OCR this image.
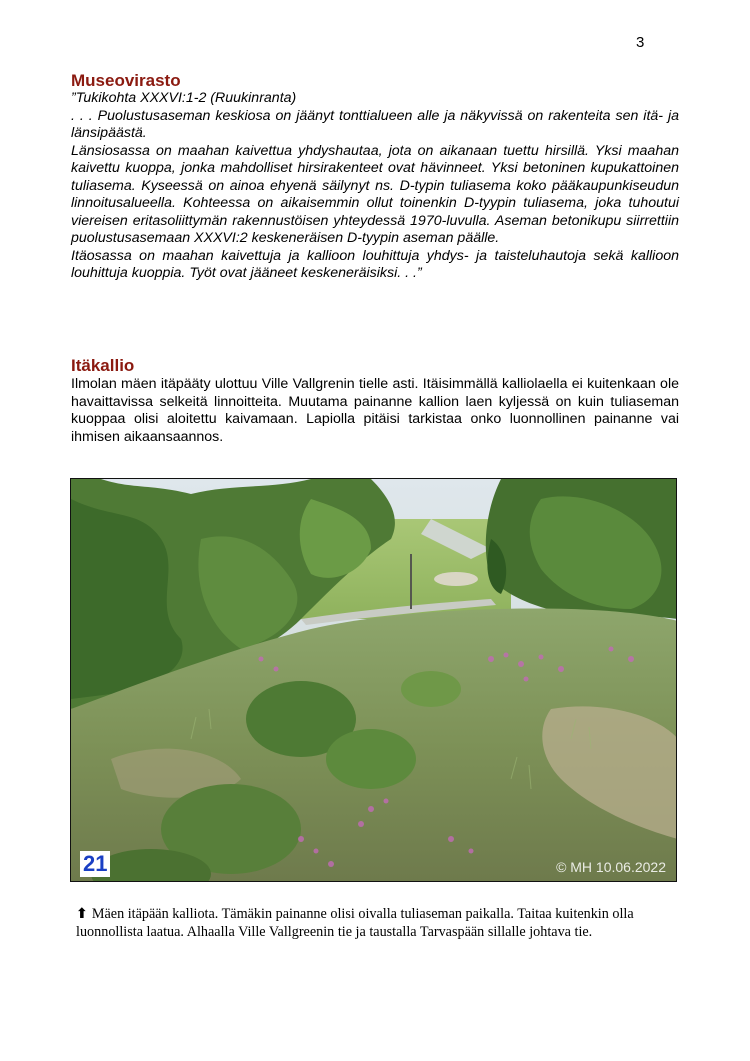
3
Museovirasto

”Tukikohta XXXVI:1-2 (Ruukinranta)

. . . Puolustusaseman keskiosa on jäänyt tonttialueen alle ja näkyvissä on rakenteita sen itä- ja länsipäästä.

Länsiosassa on maahan kaivettua yhdyshautaa, jota on aikanaan tuettu hirsillä. Yksi maahan kaivettu kuoppa, jonka mahdolliset hirsirakenteet ovat hävinneet. Yksi betoninen kupukattoinen tuliasema. Kyseessä on ainoa ehyenä säilynyt ns. D-typin tuliasema koko pääkaupunkiseudun linnoitusalueella. Kohteessa on aikaisemmin ollut toinenkin D-tyypin tuliasema, joka tuhoutui viereisen eritasoliittymän rakennustöisen yhteydessä 1970-luvulla. Aseman betonikupu siirrettiin puolustusasemaan XXXVI:2 keskeneräisen D-tyypin aseman päälle.

Itäosassa on maahan kaivettuja ja kallioon louhittuja yhdys- ja taisteluhautoja sekä kallioon louhittuja kuoppia. Työt ovat jääneet keskeneräisiksi. . .”

Itäkallio

Ilmolan mäen itäpääty ulottuu Ville Vallgrenin tielle asti. Itäisimmällä kalliolaella ei kuitenkaan ole havaittavissa selkeitä linnoitteita. Muutama painanne kallion laen kyljessä on kuin tuliaseman kuoppaa olisi aloitettu kaivamaan. Lapiolla pitäisi tarkistaa onko luonnollinen painanne vai ihmisen aikaansaannos.

21	© MH 10.06.2022

⬆ Mäen itäpään kalliota. Tämäkin painanne olisi oivalla tuliaseman paikalla. Taitaa kuitenkin olla luonnollista laatua. Alhaalla Ville Vallgreenin tie ja taustalla Tarvaspään sillalle johtava tie.
